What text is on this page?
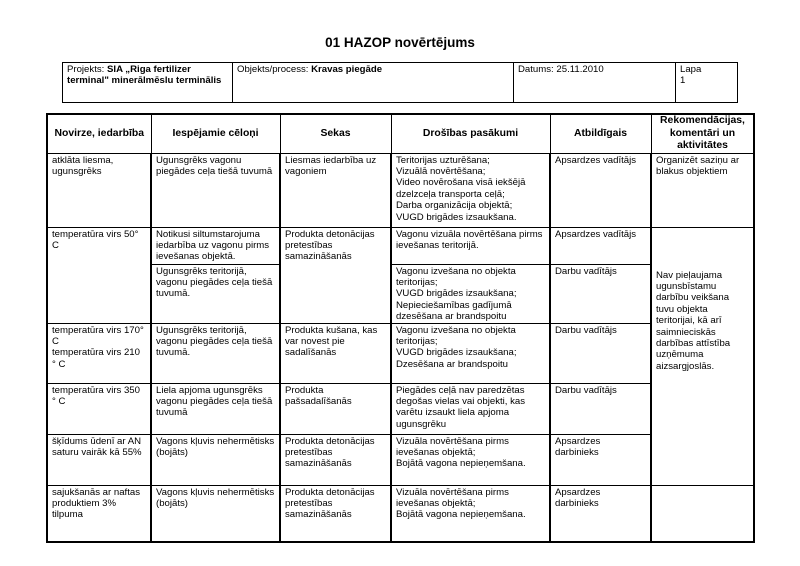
01 HAZOP novērtējums
Projekts: SIA „Riga fertilizer terminal" minerālmēslu terminālis	Objekts/process: Kravas piegāde	Datums: 25.11.2010	Lapa
1
Novirze, iedarbība	Iespējamie cēloņi	Sekas	Drošības pasākumi	Atbildīgais	Rekomendācijas, komentāri un aktivitātes	
atklāta liesma, ugunsgrēks	Ugunsgrēks vagonu piegādes ceļa tiešā tuvumā	Liesmas iedarbība uz vagoniem	Teritorijas uzturēšana;
Vizuālā novērtēšana;
Video novērošana visā iekšējā dzelzceļa transporta ceļā;
Darba organizācija objektā;
VUGD brigādes izsaukšana.	Apsardzes vadītājs	Organizēt saziņu ar blakus objektiem	
temperatūra virs 50° C	Notikusi siltumstarojuma iedarbība uz vagonu pirms ievešanas objektā.	Produkta detonācijas pretestības samazināšanās	Vagonu vizuāla novērtēšana pirms ievešanas teritorijā.	Apsardzes vadītājs	Nav pieļaujama ugunsbīstamu darbību veikšana tuvu objekta teritorijai, kā arī saimnieciskās darbības attīstība uzņēmuma aizsargjoslās.	
	Ugunsgrēks teritorijā, vagonu piegādes ceļa tiešā tuvumā.		Vagonu izvešana no objekta teritorijas;
VUGD brigādes izsaukšana;
Nepieciešamības gadījumā dzesēšana ar brandspoitu	Darbu vadītājs		
temperatūra virs 170° C
temperatūra virs 210 ° C	Ugunsgrēks teritorijā, vagonu piegādes ceļa tiešā tuvumā.	Produkta kušana, kas var novest pie sadalīšanās	Vagonu izvešana no objekta teritorijas;
VUGD brigādes izsaukšana;
Dzesēšana ar brandspoitu	Darbu vadītājs		
temperatūra virs 350 ° C	Liela apjoma ugunsgrēks vagonu piegādes ceļa tiešā tuvumā	Produkta pašsadalīšanās	Piegādes ceļā nav paredzētas degošas vielas vai objekti, kas varētu izsaukt liela apjoma ugunsgrēku	Darbu vadītājs		
šķīdums ūdenī ar AN saturu vairāk kā 55%	Vagons kļuvis nehermētisks (bojāts)	Produkta detonācijas pretestības samazināšanās	Vizuāla novērtēšana pirms ievešanas objektā;
Bojātā vagona nepieņemšana.	Apsardzes darbinieks		
sajukšanās ar naftas produktiem 3% tilpuma	Vagons kļuvis nehermētisks (bojāts)	Produkta detonācijas pretestības samazināšanās	Vizuāla novērtēšana pirms ievešanas objektā;
Bojātā vagona nepieņemšana.	Apsardzes darbinieks		
